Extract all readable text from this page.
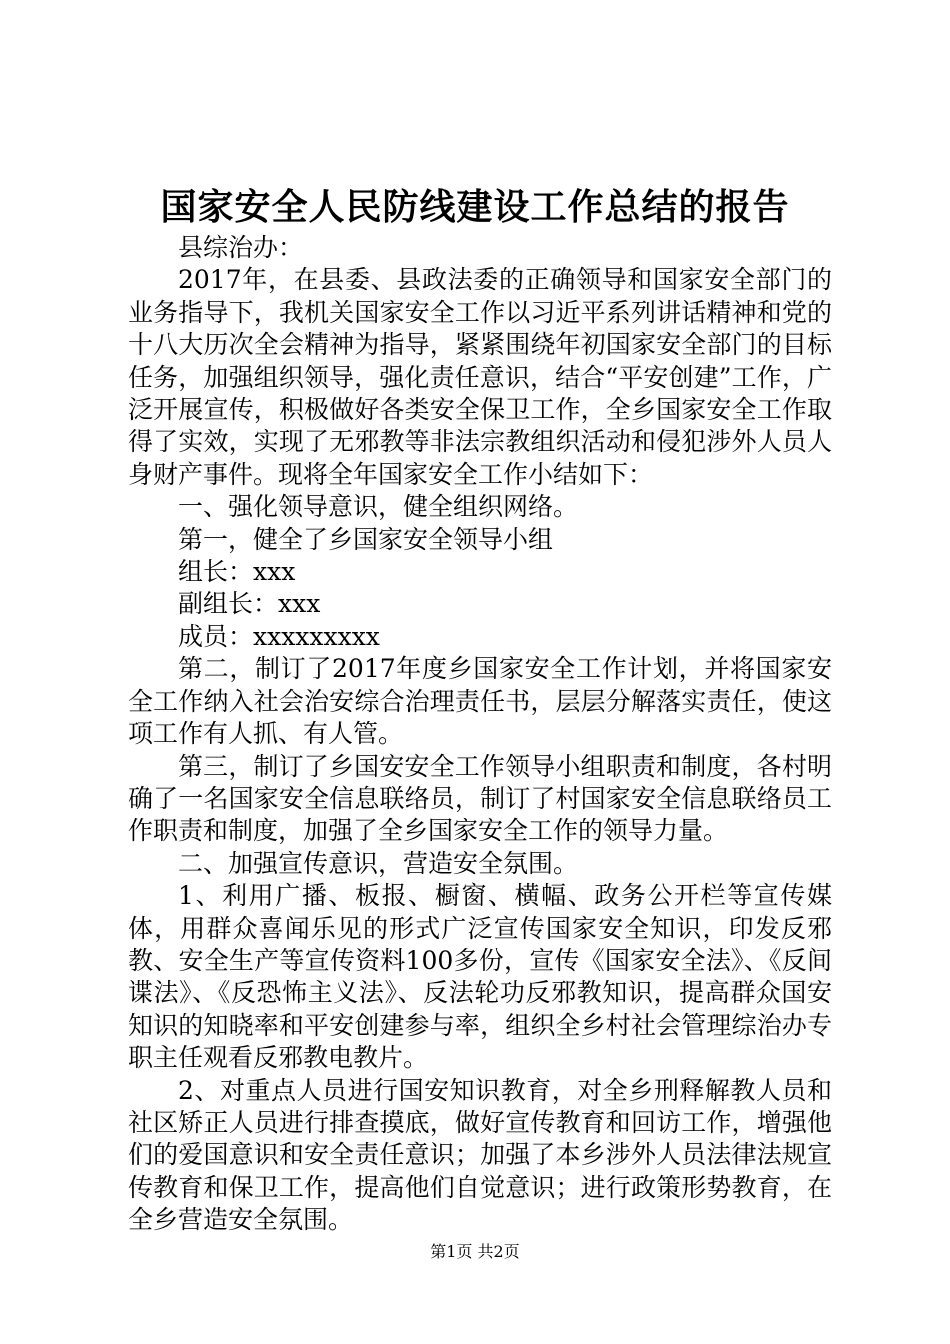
国家安全人民防线建设工作总结的报告

县综治办：

2017年，在县委、县政法委的正确领导和国家安全部门的业务指导下，我机关国家安全工作以习近平系列讲话精神和党的十八大历次全会精神为指导，紧紧围绕年初国家安全部门的目标任务，加强组织领导，强化责任意识，结合“平安创建”工作，广泛开展宣传，积极做好各类安全保卫工作，全乡国家安全工作取得了实效，实现了无邪教等非法宗教组织活动和侵犯涉外人员人身财产事件。现将全年国家安全工作小结如下：

一、强化领导意识，健全组织网络。

第一，健全了乡国家安全领导小组

组长：xxx

副组长：xxx

成员：xxxxxxxxx

第二，制订了2017年度乡国家安全工作计划，并将国家安全工作纳入社会治安综合治理责任书，层层分解落实责任，使这项工作有人抓、有人管。

第三，制订了乡国安安全工作领导小组职责和制度，各村明确了一名国家安全信息联络员，制订了村国家安全信息联络员工作职责和制度，加强了全乡国家安全工作的领导力量。

二、加强宣传意识，营造安全氛围。

1、利用广播、板报、橱窗、横幅、政务公开栏等宣传媒体，用群众喜闻乐见的形式广泛宣传国家安全知识，印发反邪教、安全生产等宣传资料100多份，宣传《国家安全法》、《反间谍法》、《反恐怖主义法》、反法轮功反邪教知识，提高群众国安知识的知晓率和平安创建参与率，组织全乡村社会管理综治办专职主任观看反邪教电教片。

2、对重点人员进行国安知识教育，对全乡刑释解教人员和社区矫正人员进行排查摸底，做好宣传教育和回访工作，增强他们的爱国意识和安全责任意识；加强了本乡涉外人员法律法规宣传教育和保卫工作，提高他们自觉意识；进行政策形势教育，在全乡营造安全氛围。

第1页 共2页
